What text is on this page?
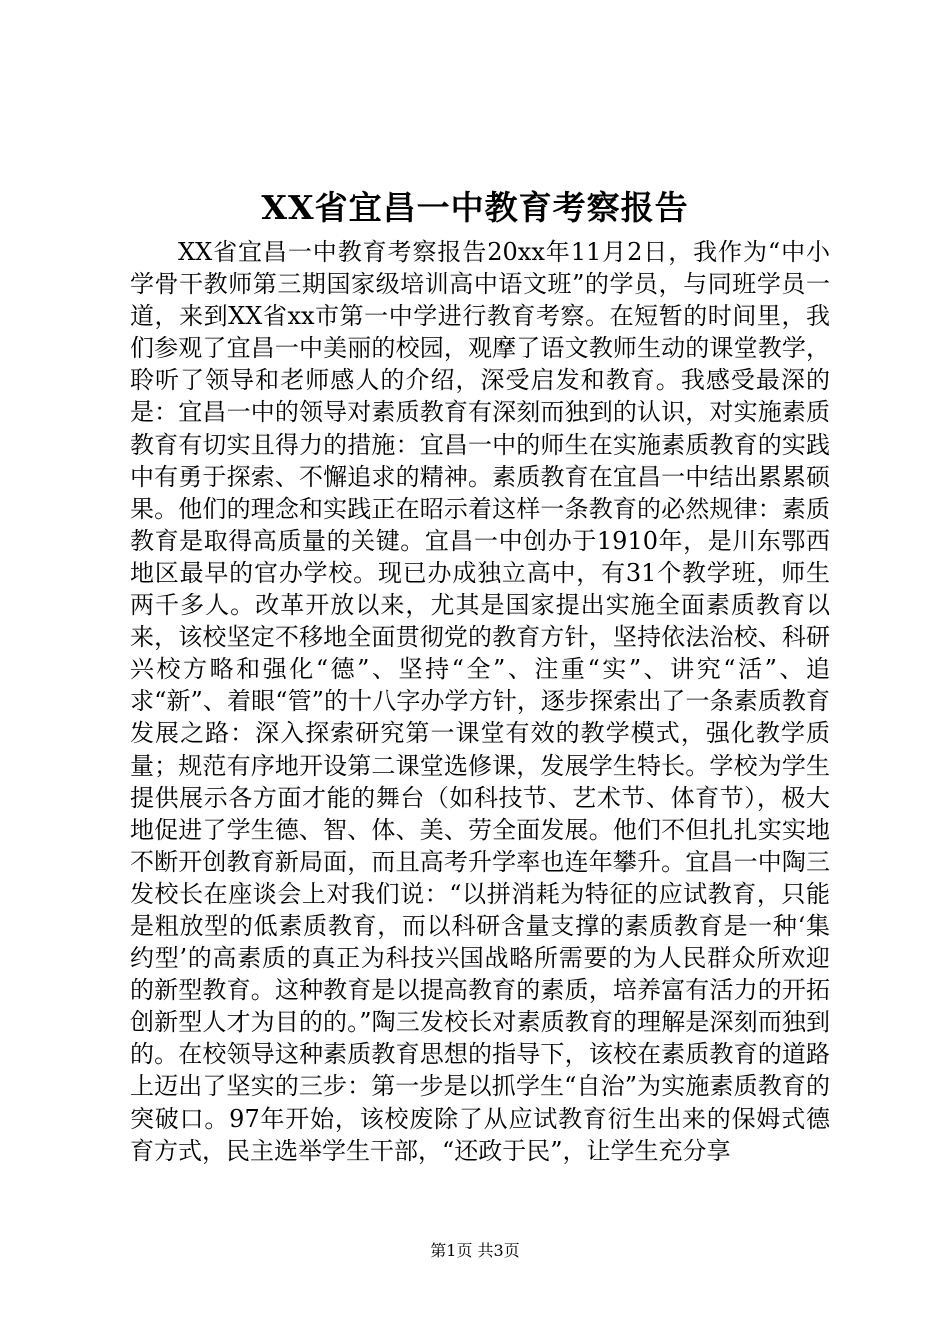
XX省宜昌一中教育考察报告
XX省宜昌一中教育考察报告20xx年11月2日，我作为“中小学骨干教师第三期国家级培训高中语文班”的学员，与同班学员一道，来到XX省xx市第一中学进行教育考察。在短暂的时间里，我们参观了宜昌一中美丽的校园，观摩了语文教师生动的课堂教学，聆听了领导和老师感人的介绍，深受启发和教育。我感受最深的是：宜昌一中的领导对素质教育有深刻而独到的认识，对实施素质教育有切实且得力的措施：宜昌一中的师生在实施素质教育的实践中有勇于探索、不懈追求的精神。素质教育在宜昌一中结出累累硕果。他们的理念和实践正在昭示着这样一条教育的必然规律：素质教育是取得高质量的关键。宜昌一中创办于1910年，是川东鄂西地区最早的官办学校。现已办成独立高中，有31个教学班，师生两千多人。改革开放以来，尤其是国家提出实施全面素质教育以来，该校坚定不移地全面贯彻党的教育方针，坚持依法治校、科研兴校方略和强化“德”、坚持“全”、注重“实”、讲究“活”、追求“新”、着眼“管”的十八字办学方针，逐步探索出了一条素质教育发展之路：深入探索研究第一课堂有效的教学模式，强化教学质量；规范有序地开设第二课堂选修课，发展学生特长。学校为学生提供展示各方面才能的舞台（如科技节、艺术节、体育节），极大地促进了学生德、智、体、美、劳全面发展。他们不但扎扎实实地不断开创教育新局面，而且高考升学率也连年攀升。宜昌一中陶三发校长在座谈会上对我们说：“以拼消耗为特征的应试教育，只能是粗放型的低素质教育，而以科研含量支撑的素质教育是一种‘集约型’的高素质的真正为科技兴国战略所需要的为人民群众所欢迎的新型教育。这种教育是以提高教育的素质，培养富有活力的开拓创新型人才为目的的。”陶三发校长对素质教育的理解是深刻而独到的。在校领导这种素质教育思想的指导下，该校在素质教育的道路上迈出了坚实的三步：第一步是以抓学生“自治”为实施素质教育的突破口。97年开始，该校废除了从应试教育衍生出来的保姆式德育方式，民主选举学生干部，“还政于民”，让学生充分享
第1页 共3页
